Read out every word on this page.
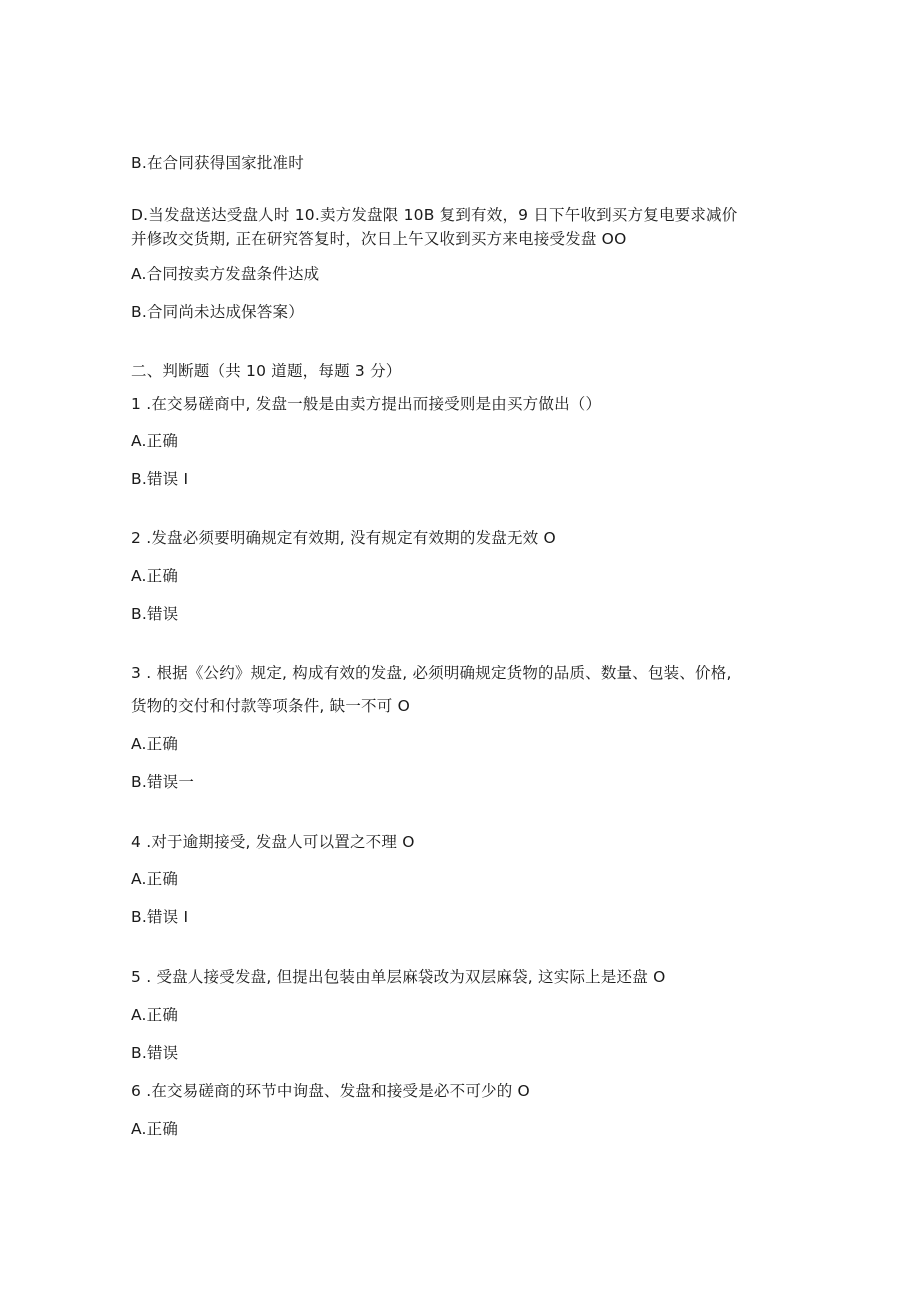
B.在合同获得国家批准时
D.当发盘送达受盘人时 10.卖方发盘限 10B 复到有效，9 日下午收到买方复电要求减价
并修改交货期, 正在研究答复时，次日上午又收到买方来电接受发盘 OO
A.合同按卖方发盘条件达成
B.合同尚未达成保答案）
二、判断题（共 10 道题，每题 3 分）
1 .在交易磋商中, 发盘一般是由卖方提出而接受则是由买方做出（）
A.正确
B.错误 I
2 .发盘必须要明确规定有效期, 没有规定有效期的发盘无效 O
A.正确
B.错误
3 . 根据《公约》规定, 构成有效的发盘, 必须明确规定货物的品质、数量、包装、价格,
货物的交付和付款等项条件, 缺一不可 O
A.正确
B.错误一
4 .对于逾期接受, 发盘人可以置之不理 O
A.正确
B.错误 I
5 . 受盘人接受发盘, 但提出包装由单层麻袋改为双层麻袋, 这实际上是还盘 O
A.正确
B.错误
6 .在交易磋商的环节中询盘、发盘和接受是必不可少的 O
A.正确
